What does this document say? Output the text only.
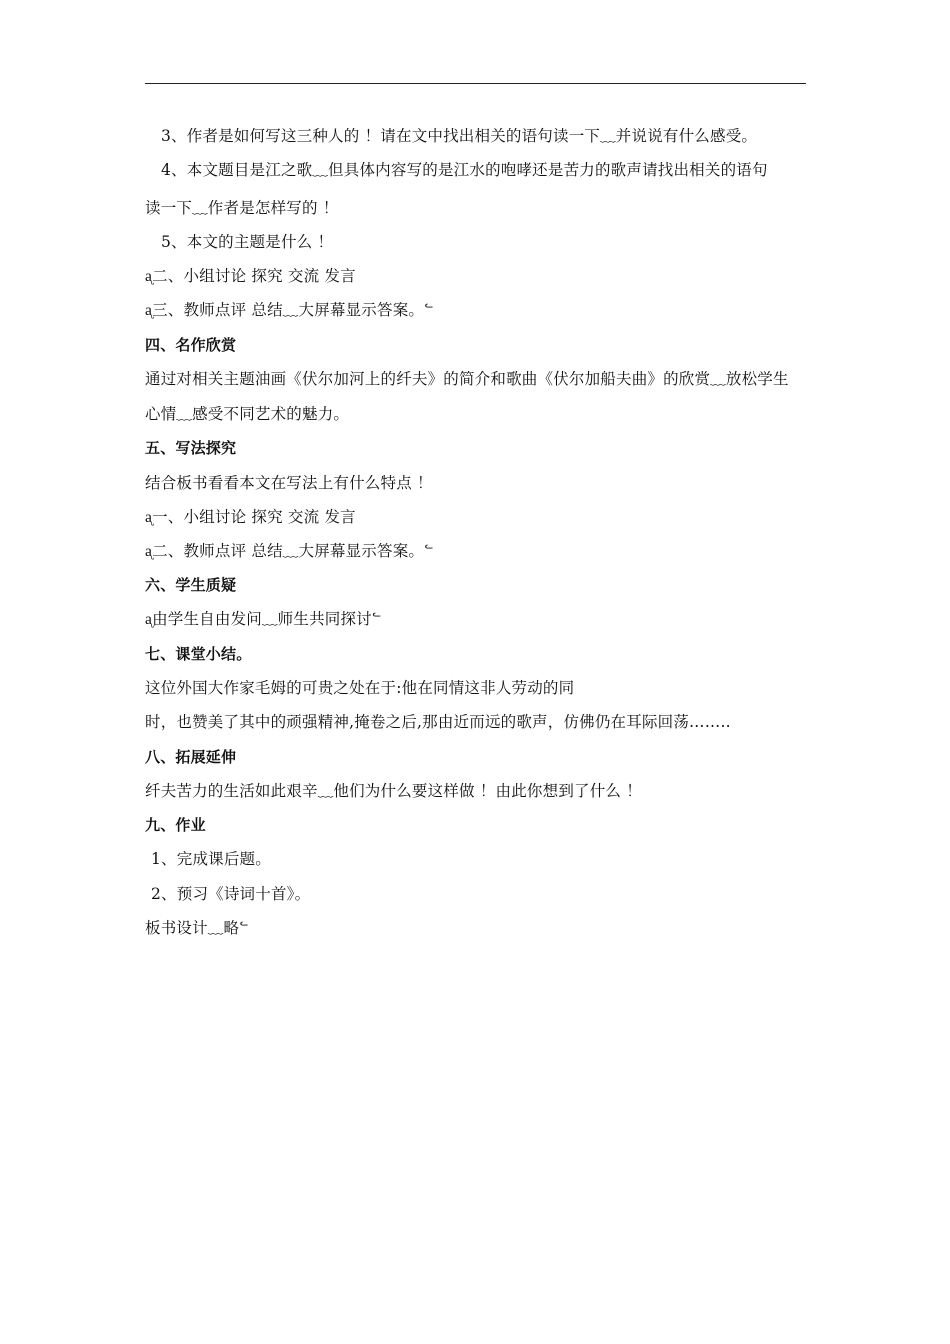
3、作者是如何写这三种人的 ！请在文中找出相关的语句读一下﹏并说说有什么感受。
4、本文题目是江之歌﹏但具体内容写的是江水的咆哮还是苦力的歌声请找出相关的语句
读一下﹏作者是怎样写的 ！
5、本文的主题是什么 ！
ᶏ二、小组讨论 探究 交流 发言
ᶏ三、教师点评 总结﹏大屏幕显示答案。ᓪ
四、名作欣赏
通过对相关主题油画《伏尔加河上的纤夫》的简介和歌曲《伏尔加船夫曲》的欣赏﹏放松学生
心情﹏感受不同艺术的魅力。
五、写法探究
结合板书看看本文在写法上有什么特点 ！
ᶏ一、小组讨论 探究 交流 发言
ᶏ二、教师点评 总结﹏大屏幕显示答案。ᓪ
六、学生质疑
ᶏ由学生自由发问﹏师生共同探讨ᓪ
七、课堂小结。
这位外国大作家毛姆的可贵之处在于:他在同情这非人劳动的同
时，也赞美了其中的顽强精神,掩卷之后,那由近而远的歌声，仿佛仍在耳际回荡……..
八、拓展延伸
纤夫苦力的生活如此艰辛﹏他们为什么要这样做 ！由此你想到了什么 ！
九、作业
1、完成课后题。
2、预习《诗词十首》。
板书设计﹏略ᓪ
